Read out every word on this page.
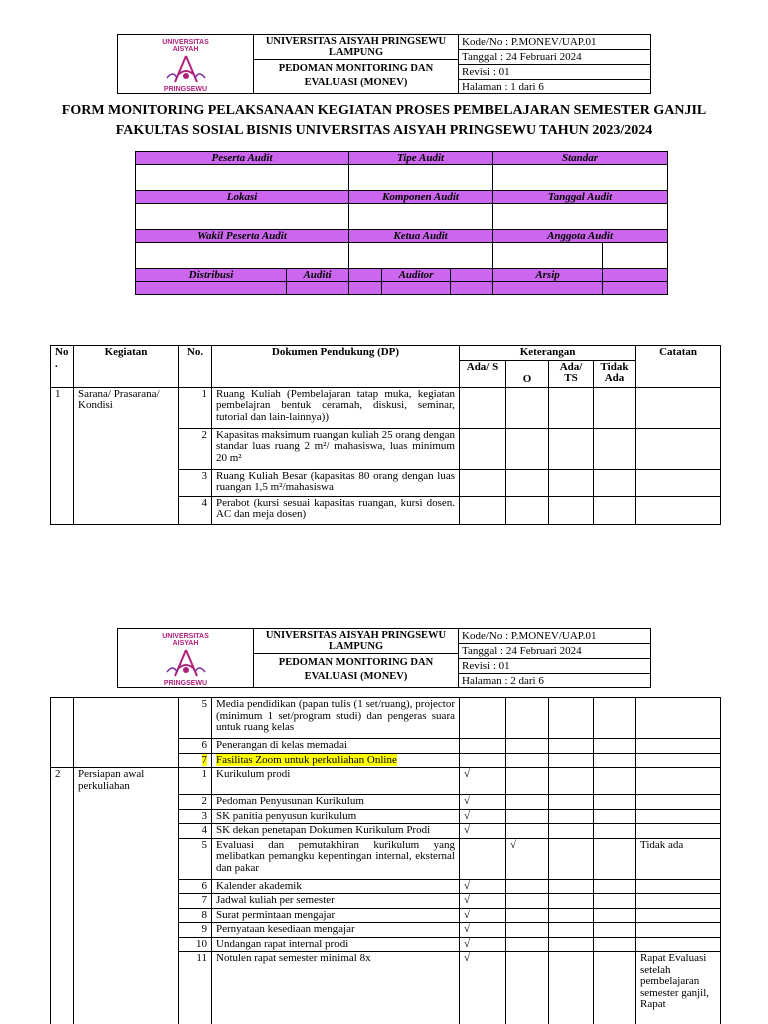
UNIVERSITAS
AISYAH
PRINGSEWU
UNIVERSITAS AISYAH PRINGSEWU LAMPUNG
PEDOMAN MONITORING DAN EVALUASI (MONEV)
Kode/No : P.MONEV/UAP.01
Tanggal : 24 Februari 2024
Revisi : 01
Halaman : 1 dari 6
FORM MONITORING PELAKSANAAN KEGIATAN PROSES PEMBELAJARAN SEMESTER GANJIL
FAKULTAS SOSIAL BISNIS UNIVERSITAS AISYAH PRINGSEWU TAHUN 2023/2024
Peserta Audit		Tipe Audit			Standar	

Lokasi		Komponen Audit			Tanggal Audit	

Wakil Peserta Audit		Ketua Audit			Anggota Audit	

Distribusi	Auditi		Auditor		Arsip	

No .	Kegiatan	No.	Dokumen Pendukung (DP)	Keterangan				Catatan
				Ada/ S	O	Ada/ TS	Tidak Ada	
1	Sarana/ Prasarana/ Kondisi	1	Ruang Kuliah (Pembelajaran tatap muka, kegiatan pembelajran bentuk ceramah, diskusi, seminar, tutorial dan lain-lainnya))					
		2	Kapasitas maksimum ruangan kuliah 25 orang dengan standar luas ruang 2 m²/ mahasiswa, luas minimum 20 m²					
		3	Ruang Kuliah Besar (kapasitas 80 orang dengan luas ruangan 1,5 m²/mahasiswa					
		4	Perabot (kursi sesuai kapasitas ruangan, kursi dosen. AC dan meja dosen)					
UNIVERSITAS
AISYAH
PRINGSEWU
UNIVERSITAS AISYAH PRINGSEWU LAMPUNG
PEDOMAN MONITORING DAN EVALUASI (MONEV)
Kode/No : P.MONEV/UAP.01
Tanggal : 24 Februari 2024
Revisi : 01
Halaman : 2 dari 6
		5	Media pendidikan (papan tulis (1 set/ruang), projector (minimum 1 set/program studi) dan pengeras suara untuk ruang kelas					
		6	Penerangan di kelas memadai					
		7	Fasilitas Zoom untuk perkuliahan Online					
2	Persiapan awal perkuliahan	1	Kurikulum prodi	√				
		2	Pedoman Penyusunan Kurikulum	√				
		3	SK panitia penyusun kurikulum	√				
		4	SK dekan penetapan Dokumen Kurikulum Prodi	√				
		5	Evaluasi dan pemutakhiran kurikulum yang melibatkan pemangku kepentingan internal, eksternal dan pakar		√			Tidak ada
		6	Kalender akademik	√				
		7	Jadwal kuliah per semester	√				
		8	Surat permintaan mengajar	√				
		9	Pernyataan kesediaan mengajar	√				
		10	Undangan rapat internal prodi	√				
		11	Notulen rapat semester minimal 8x	√				Rapat Evaluasi setelah pembelajaran semester ganjil, Rapat
